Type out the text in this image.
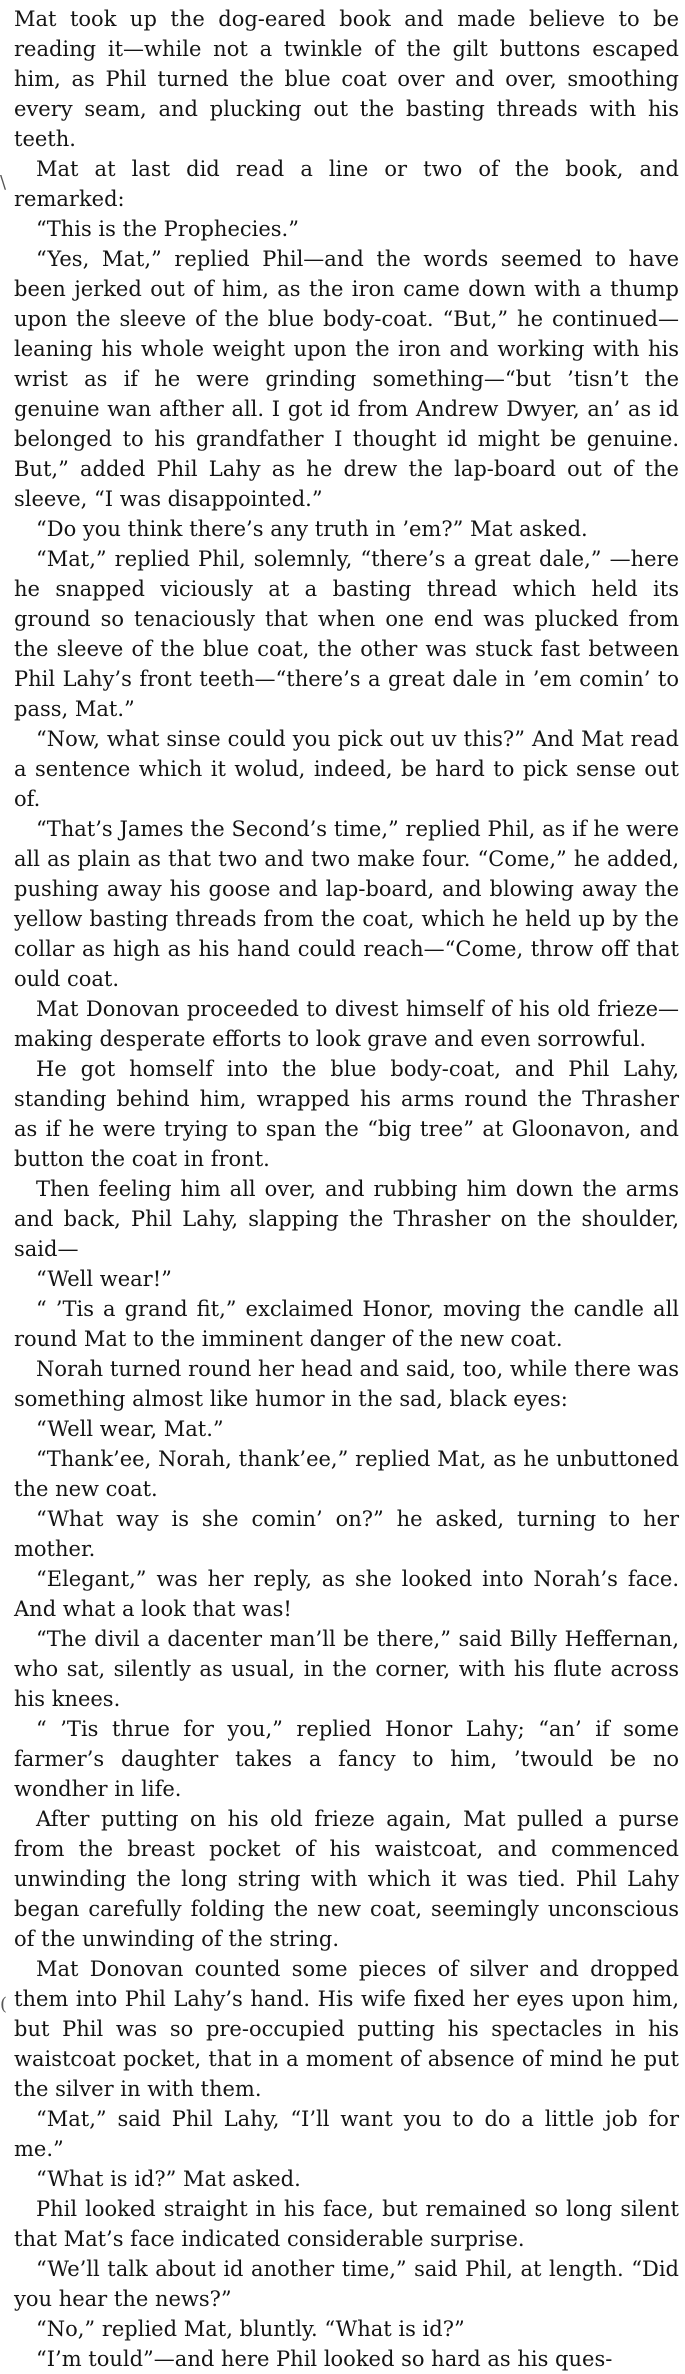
\
(

Mat took up the dog-eared book and made believe to be reading it—while not a twinkle of the gilt buttons escaped him, as Phil turned the blue coat over and over, smoothing every seam, and plucking out the basting threads with his teeth.

Mat at last did read a line or two of the book, and remarked:

“This is the Prophecies.”

“Yes, Mat,” replied Phil—and the words seemed to have been jerked out of him, as the iron came down with a thump upon the sleeve of the blue body-coat. “But,” he continued—leaning his whole weight upon the iron and working with his wrist as if he were grinding something—“but ’tisn’t the genuine wan afther all. I got id from Andrew Dwyer, an’ as id belonged to his grandfather I thought id might be genuine. But,” added Phil Lahy as he drew the lap-board out of the sleeve, “I was disappointed.”

“Do you think there’s any truth in ’em?” Mat asked.

“Mat,” replied Phil, solemnly, “there’s a great dale,” —here he snapped viciously at a basting thread which held its ground so tenaciously that when one end was plucked from the sleeve of the blue coat, the other was stuck fast between Phil Lahy’s front teeth—“there’s a great dale in ’em comin’ to pass, Mat.”

“Now, what sinse could you pick out uv this?” And Mat read a sentence which it wolud, indeed, be hard to pick sense out of.

“That’s James the Second’s time,” replied Phil, as if he were all as plain as that two and two make four. “Come,” he added, pushing away his goose and lap-board, and blowing away the yellow basting threads from the coat, which he held up by the collar as high as his hand could reach—“Come, throw off that ould coat.

Mat Donovan proceeded to divest himself of his old frieze—making desperate efforts to look grave and even sorrowful.

He got homself into the blue body-coat, and Phil Lahy, standing behind him, wrapped his arms round the Thrasher as if he were trying to span the “big tree” at Gloonavon, and button the coat in front.

Then feeling him all over, and rubbing him down the arms and back, Phil Lahy, slapping the Thrasher on the shoulder, said—

“Well wear!”

“ ’Tis a grand fit,” exclaimed Honor, moving the candle all round Mat to the imminent danger of the new coat.

Norah turned round her head and said, too, while there was something almost like humor in the sad, black eyes:

“Well wear, Mat.”

“Thank’ee, Norah, thank’ee,” replied Mat, as he unbuttoned the new coat.

“What way is she comin’ on?” he asked, turning to her mother.

“Elegant,” was her reply, as she looked into Norah’s face. And what a look that was!

“The divil a dacenter man’ll be there,” said Billy Heffernan, who sat, silently as usual, in the corner, with his flute across his knees.

“ ’Tis thrue for you,” replied Honor Lahy; “an’ if some farmer’s daughter takes a fancy to him, ’twould be no wondher in life.

After putting on his old frieze again, Mat pulled a purse from the breast pocket of his waistcoat, and commenced unwinding the long string with which it was tied. Phil Lahy began carefully folding the new coat, seemingly unconscious of the unwinding of the string.

Mat Donovan counted some pieces of silver and dropped them into Phil Lahy’s hand. His wife fixed her eyes upon him, but Phil was so pre-occupied putting his spectacles in his waistcoat pocket, that in a moment of absence of mind he put the silver in with them.

“Mat,” said Phil Lahy, “I’ll want you to do a little job for me.”

“What is id?” Mat asked.

Phil looked straight in his face, but remained so long silent that Mat’s face indicated considerable surprise.

“We’ll talk about id another time,” said Phil, at length. “Did you hear the news?”

“No,” replied Mat, bluntly. “What is id?”

“I’m tould”—and here Phil looked so hard as his ques-
